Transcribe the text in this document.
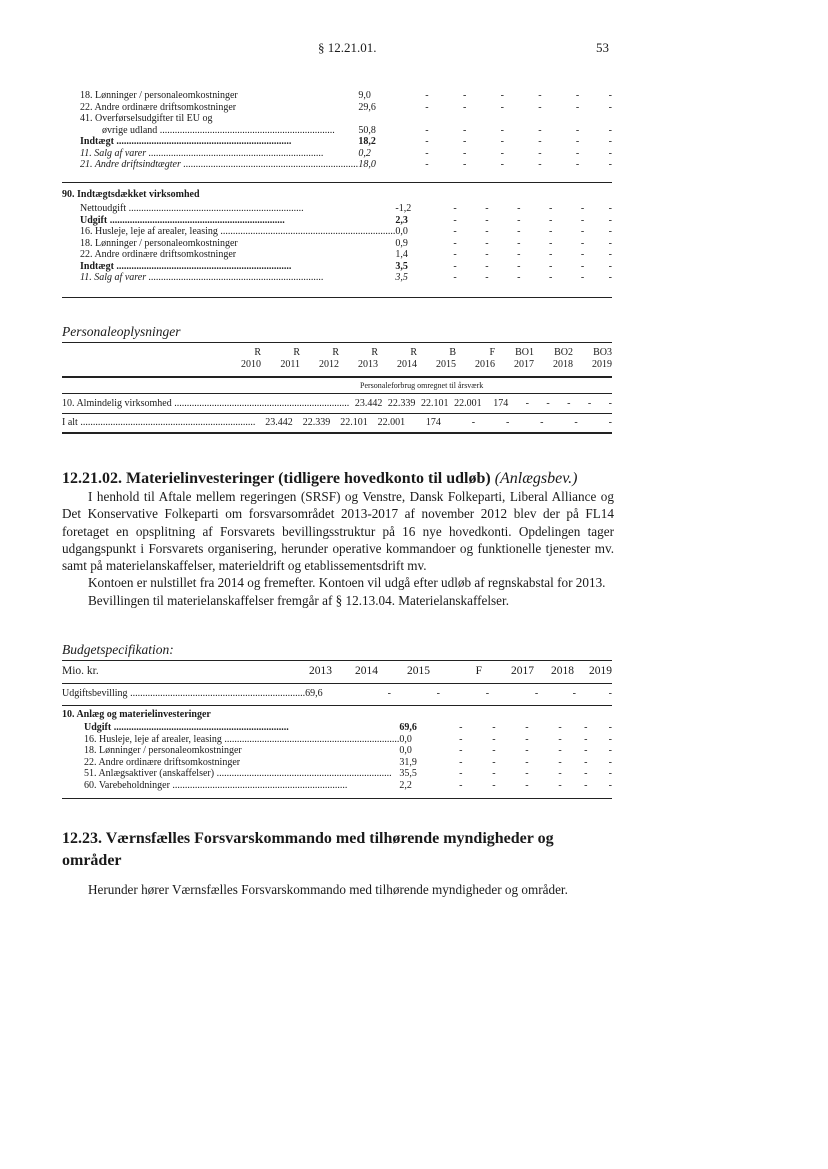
§ 12.21.01.	53
18. Lønninger / personaleomkostninger	9,0	-	-	-	-	-	-
22. Andre ordinære driftsomkostninger	29,6	-	-	-	-	-	-
41. Overførselsudgifter til EU og							
øvrige udland .....	50,8	-	-	-	-	-	-
Indtægt .....	18,2	-	-	-	-	-	-
11. Salg af varer .....	0,2	-	-	-	-	-	-
21. Andre driftsindtægter .....	18,0	-	-	-	-	-	-
90. Indtægtsdækket virksomhed
Nettoudgift .....	-1,2	-	-	-	-	-	-
Udgift .....	2,3	-	-	-	-	-	-
16. Husleje, leje af arealer, leasing .....	0,0	-	-	-	-	-	-
18. Lønninger / personaleomkostninger	0,9	-	-	-	-	-	-
22. Andre ordinære driftsomkostninger	1,4	-	-	-	-	-	-
Indtægt .....	3,5	-	-	-	-	-	-
11. Salg af varer .....	3,5	-	-	-	-	-	-
Personaleoplysninger
R	R	R	R	R	B	F	BO1	BO2	BO3
2010	2011	2012	2013	2014	2015	2016	2017	2018	2019
Personaleforbrug omregnet til årsværk
10. Almindelig virksomhed .....	23.442	22.339	22.101	22.001	174	-	-	-	-	-
I alt .....	23.442	22.339	22.101	22.001	174	-	-	-	-	-
12.21.02. Materielinvesteringer (tidligere hovedkonto til udløb) (Anlægsbev.)

I henhold til Aftale mellem regeringen (SRSF) og Venstre, Dansk Folkeparti, Liberal Alliance og Det Konservative Folkeparti om forsvarsområdet 2013-2017 af november 2012 blev der på FL14 foretaget en opsplitning af Forsvarets bevillingsstruktur på 16 nye hovedkonti. Opdelingen tager udgangspunkt i Forsvarets organisering, herunder operative kommandoer og funktionelle tjenester mv. samt på materielanskaffelser, materieldrift og etablissementsdrift mv.

Kontoen er nulstillet fra 2014 og fremefter. Kontoen vil udgå efter udløb af regnskabstal for 2013.

Bevillingen til materielanskaffelser fremgår af § 12.13.04. Materielanskaffelser.

Budgetspecifikation:
Mio. kr.	2013	2014	2015	F	2017	2018	2019
Udgiftsbevilling .....	69,6	-	-	-	-	-	-
10. Anlæg og materielinvesteringer
Udgift .....	69,6	-	-	-	-	-	-
16. Husleje, leje af arealer, leasing .....	0,0	-	-	-	-	-	-
18. Lønninger / personaleomkostninger	0,0	-	-	-	-	-	-
22. Andre ordinære driftsomkostninger	31,9	-	-	-	-	-	-
51. Anlægsaktiver (anskaffelser) .....	35,5	-	-	-	-	-	-
60. Varebeholdninger .....	2,2	-	-	-	-	-	-
12.23. Værnsfælles Forsvarskommando med tilhørende myndigheder og områder
Herunder hører Værnsfælles Forsvarskommando med tilhørende myndigheder og områder.
